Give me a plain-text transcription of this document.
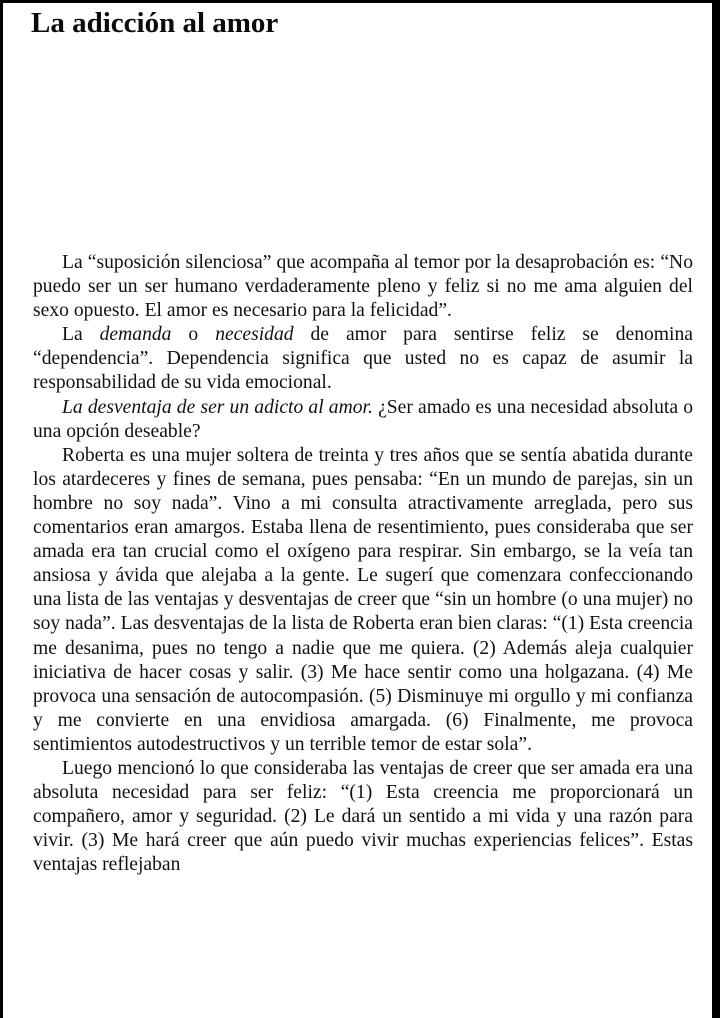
La adicción al amor

La “suposición silenciosa” que acompaña al temor por la desaprobación es: “No puedo ser un ser humano verdaderamente pleno y feliz si no me ama alguien del sexo opuesto. El amor es necesario para la felicidad”.

La demanda o necesidad de amor para sentirse feliz se denomina “dependencia”. Dependencia significa que usted no es capaz de asumir la responsabilidad de su vida emocional.

La desventaja de ser un adicto al amor. ¿Ser amado es una necesidad absoluta o una opción deseable?

Roberta es una mujer soltera de treinta y tres años que se sentía abatida durante los atardeceres y fines de semana, pues pensaba: “En un mundo de parejas, sin un hombre no soy nada”. Vino a mi consulta atractivamente arreglada, pero sus comentarios eran amargos. Estaba llena de resentimiento, pues consideraba que ser amada era tan crucial como el oxígeno para respirar. Sin embargo, se la veía tan ansiosa y ávida que alejaba a la gente. Le sugerí que comenzara confeccionando una lista de las ventajas y desventajas de creer que “sin un hombre (o una mujer) no soy nada”. Las desventajas de la lista de Roberta eran bien claras: “(1) Esta creencia me desanima, pues no tengo a nadie que me quiera. (2) Además aleja cualquier iniciativa de hacer cosas y salir. (3) Me hace sentir como una holgazana. (4) Me provoca una sensación de autocompasión. (5) Disminuye mi orgullo y mi confianza y me convierte en una envidiosa amargada. (6) Finalmente, me provoca sentimientos autodestructivos y un terrible temor de estar sola”.

Luego mencionó lo que consideraba las ventajas de creer que ser amada era una absoluta necesidad para ser feliz: “(1) Esta creencia me proporcionará un compañero, amor y seguridad. (2) Le dará un sentido a mi vida y una razón para vivir. (3) Me hará creer que aún puedo vivir muchas experiencias felices”. Estas ventajas reflejaban
